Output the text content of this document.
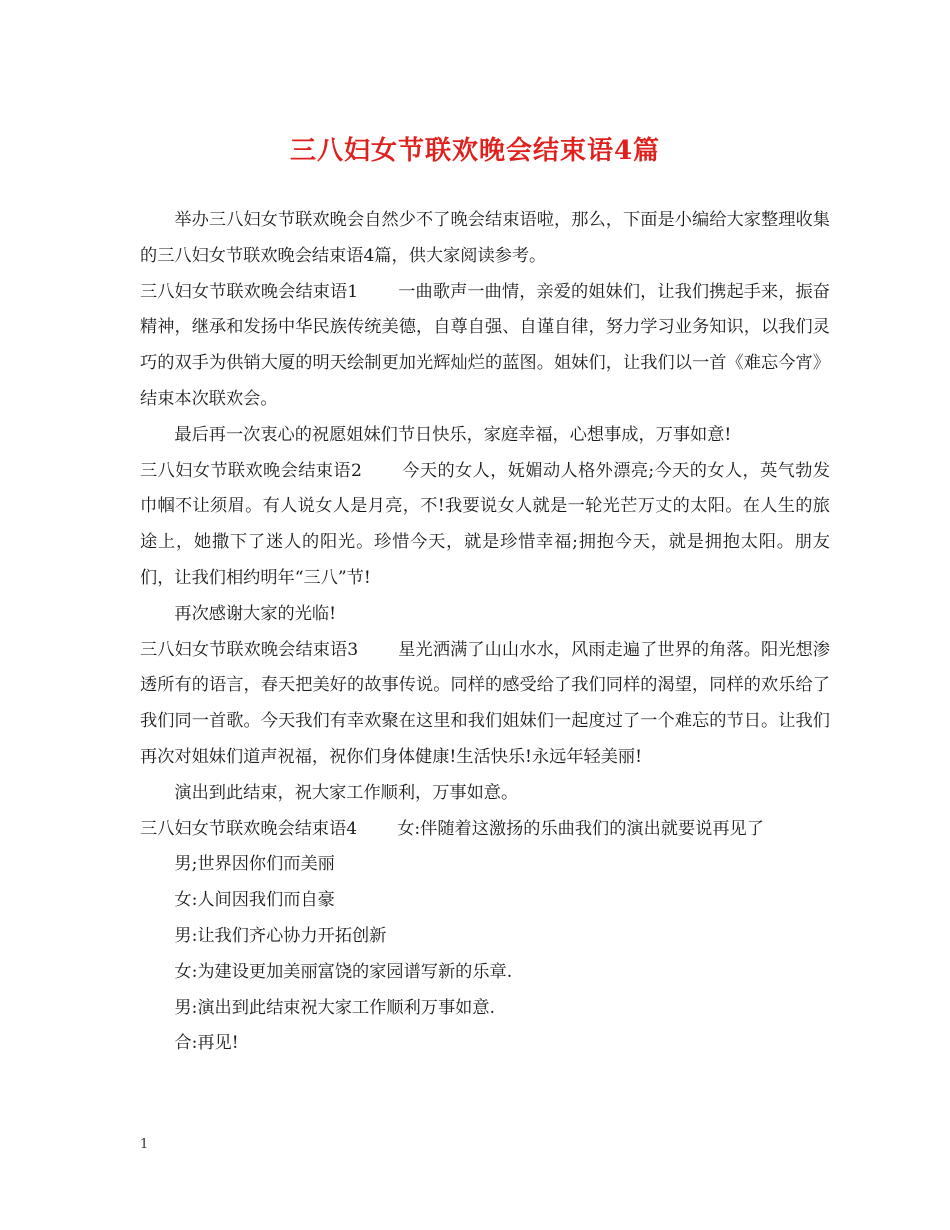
三八妇女节联欢晚会结束语4篇

举办三八妇女节联欢晚会自然少不了晚会结束语啦，那么，下面是小编给大家整理收集的三八妇女节联欢晚会结束语4篇，供大家阅读参考。

三八妇女节联欢晚会结束语1 一曲歌声一曲情，亲爱的姐妹们，让我们携起手来，振奋精神，继承和发扬中华民族传统美德，自尊自强、自谨自律，努力学习业务知识，以我们灵巧的双手为供销大厦的明天绘制更加光辉灿烂的蓝图。姐妹们，让我们以一首《难忘今宵》结束本次联欢会。

最后再一次衷心的祝愿姐妹们节日快乐，家庭幸福，心想事成，万事如意!

三八妇女节联欢晚会结束语2 今天的女人，妩媚动人格外漂亮;今天的女人，英气勃发巾帼不让须眉。有人说女人是月亮，不!我要说女人就是一轮光芒万丈的太阳。在人生的旅途上，她撒下了迷人的阳光。珍惜今天，就是珍惜幸福;拥抱今天，就是拥抱太阳。朋友们，让我们相约明年“三八”节!

再次感谢大家的光临!

三八妇女节联欢晚会结束语3 星光洒满了山山水水，风雨走遍了世界的角落。阳光想渗透所有的语言，春天把美好的故事传说。同样的感受给了我们同样的渴望，同样的欢乐给了我们同一首歌。今天我们有幸欢聚在这里和我们姐妹们一起度过了一个难忘的节日。让我们再次对姐妹们道声祝福，祝你们身体健康!生活快乐!永远年轻美丽!

演出到此结束，祝大家工作顺利，万事如意。

三八妇女节联欢晚会结束语4 女:伴随着这激扬的乐曲我们的演出就要说再见了

男;世界因你们而美丽

女:人间因我们而自豪

男:让我们齐心协力开拓创新

女:为建设更加美丽富饶的家园谱写新的乐章.

男:演出到此结束祝大家工作顺利万事如意.

合:再见!

1
